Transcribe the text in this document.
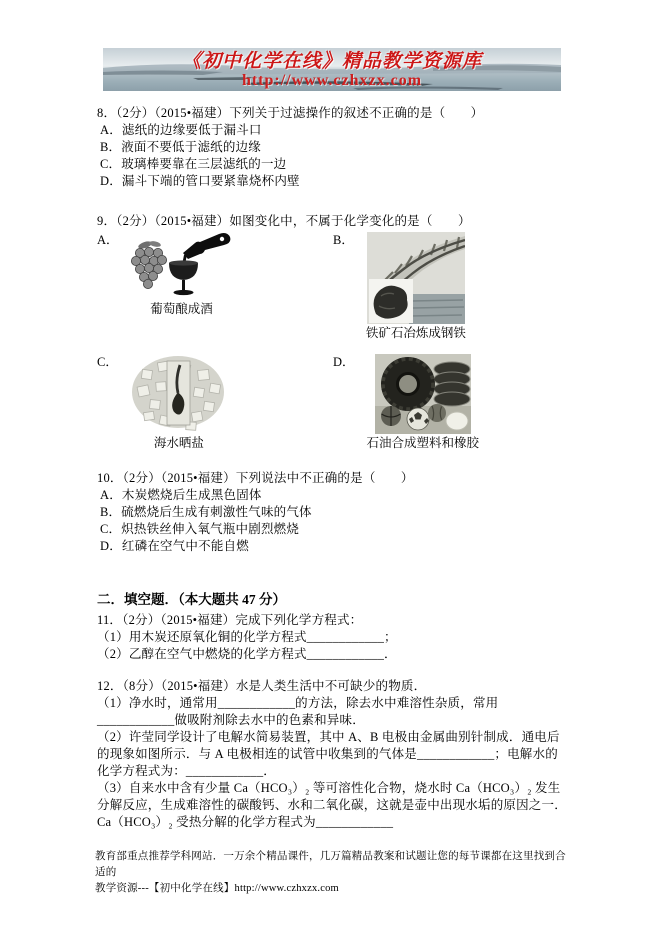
《初中化学在线》精品教学资源库
http://www.czhxzx.com

8．（2分）（2015•福建）下列关于过滤操作的叙述不正确的是（　　）

A．滤纸的边缘要低于漏斗口

B．液面不要低于滤纸的边缘

C．玻璃棒要靠在三层滤纸的一边

D．漏斗下端的管口要紧靠烧杯内壁

9．（2分）（2015•福建）如图变化中，不属于化学变化的是（　　）

A．
葡萄酿成酒
B．
铁矿石冶炼成钢铁
C．
海水晒盐
D．
石油合成塑料和橡胶

10．（2分）（2015•福建）下列说法中不正确的是（　　）

A．木炭燃烧后生成黑色固体

B．硫燃烧后生成有刺激性气味的气体

C．炽热铁丝伸入氧气瓶中剧烈燃烧

D．红磷在空气中不能自燃

二．填空题．（本大题共 47 分）

11．（2分）（2015•福建）完成下列化学方程式：

（1）用木炭还原氧化铜的化学方程式____________；

（2）乙醇在空气中燃烧的化学方程式____________．

12．（8分）（2015•福建）水是人类生活中不可缺少的物质．

（1）净水时，通常用____________的方法，除去水中难溶性杂质，常用____________做吸附剂除去水中的色素和异味．

（2）许莹同学设计了电解水简易装置，其中 A、B 电极由金属曲别针制成．通电后的现象如图所示．与 A 电极相连的试管中收集到的气体是____________；电解水的化学方程式为：____________．

（3）自来水中含有少量 Ca（HCO₃）₂ 等可溶性化合物，烧水时 Ca（HCO₃）₂ 发生分解反应，生成难溶性的碳酸钙、水和二氧化碳，这就是壶中出现水垢的原因之一．Ca（HCO₃）₂ 受热分解的化学方程式为____________

教育部重点推荐学科网站．一万余个精品课件，几万篇精品教案和试题让您的每节课都在这里找到合适的

教学资源---【初中化学在线】http://www.czhxzx.com
